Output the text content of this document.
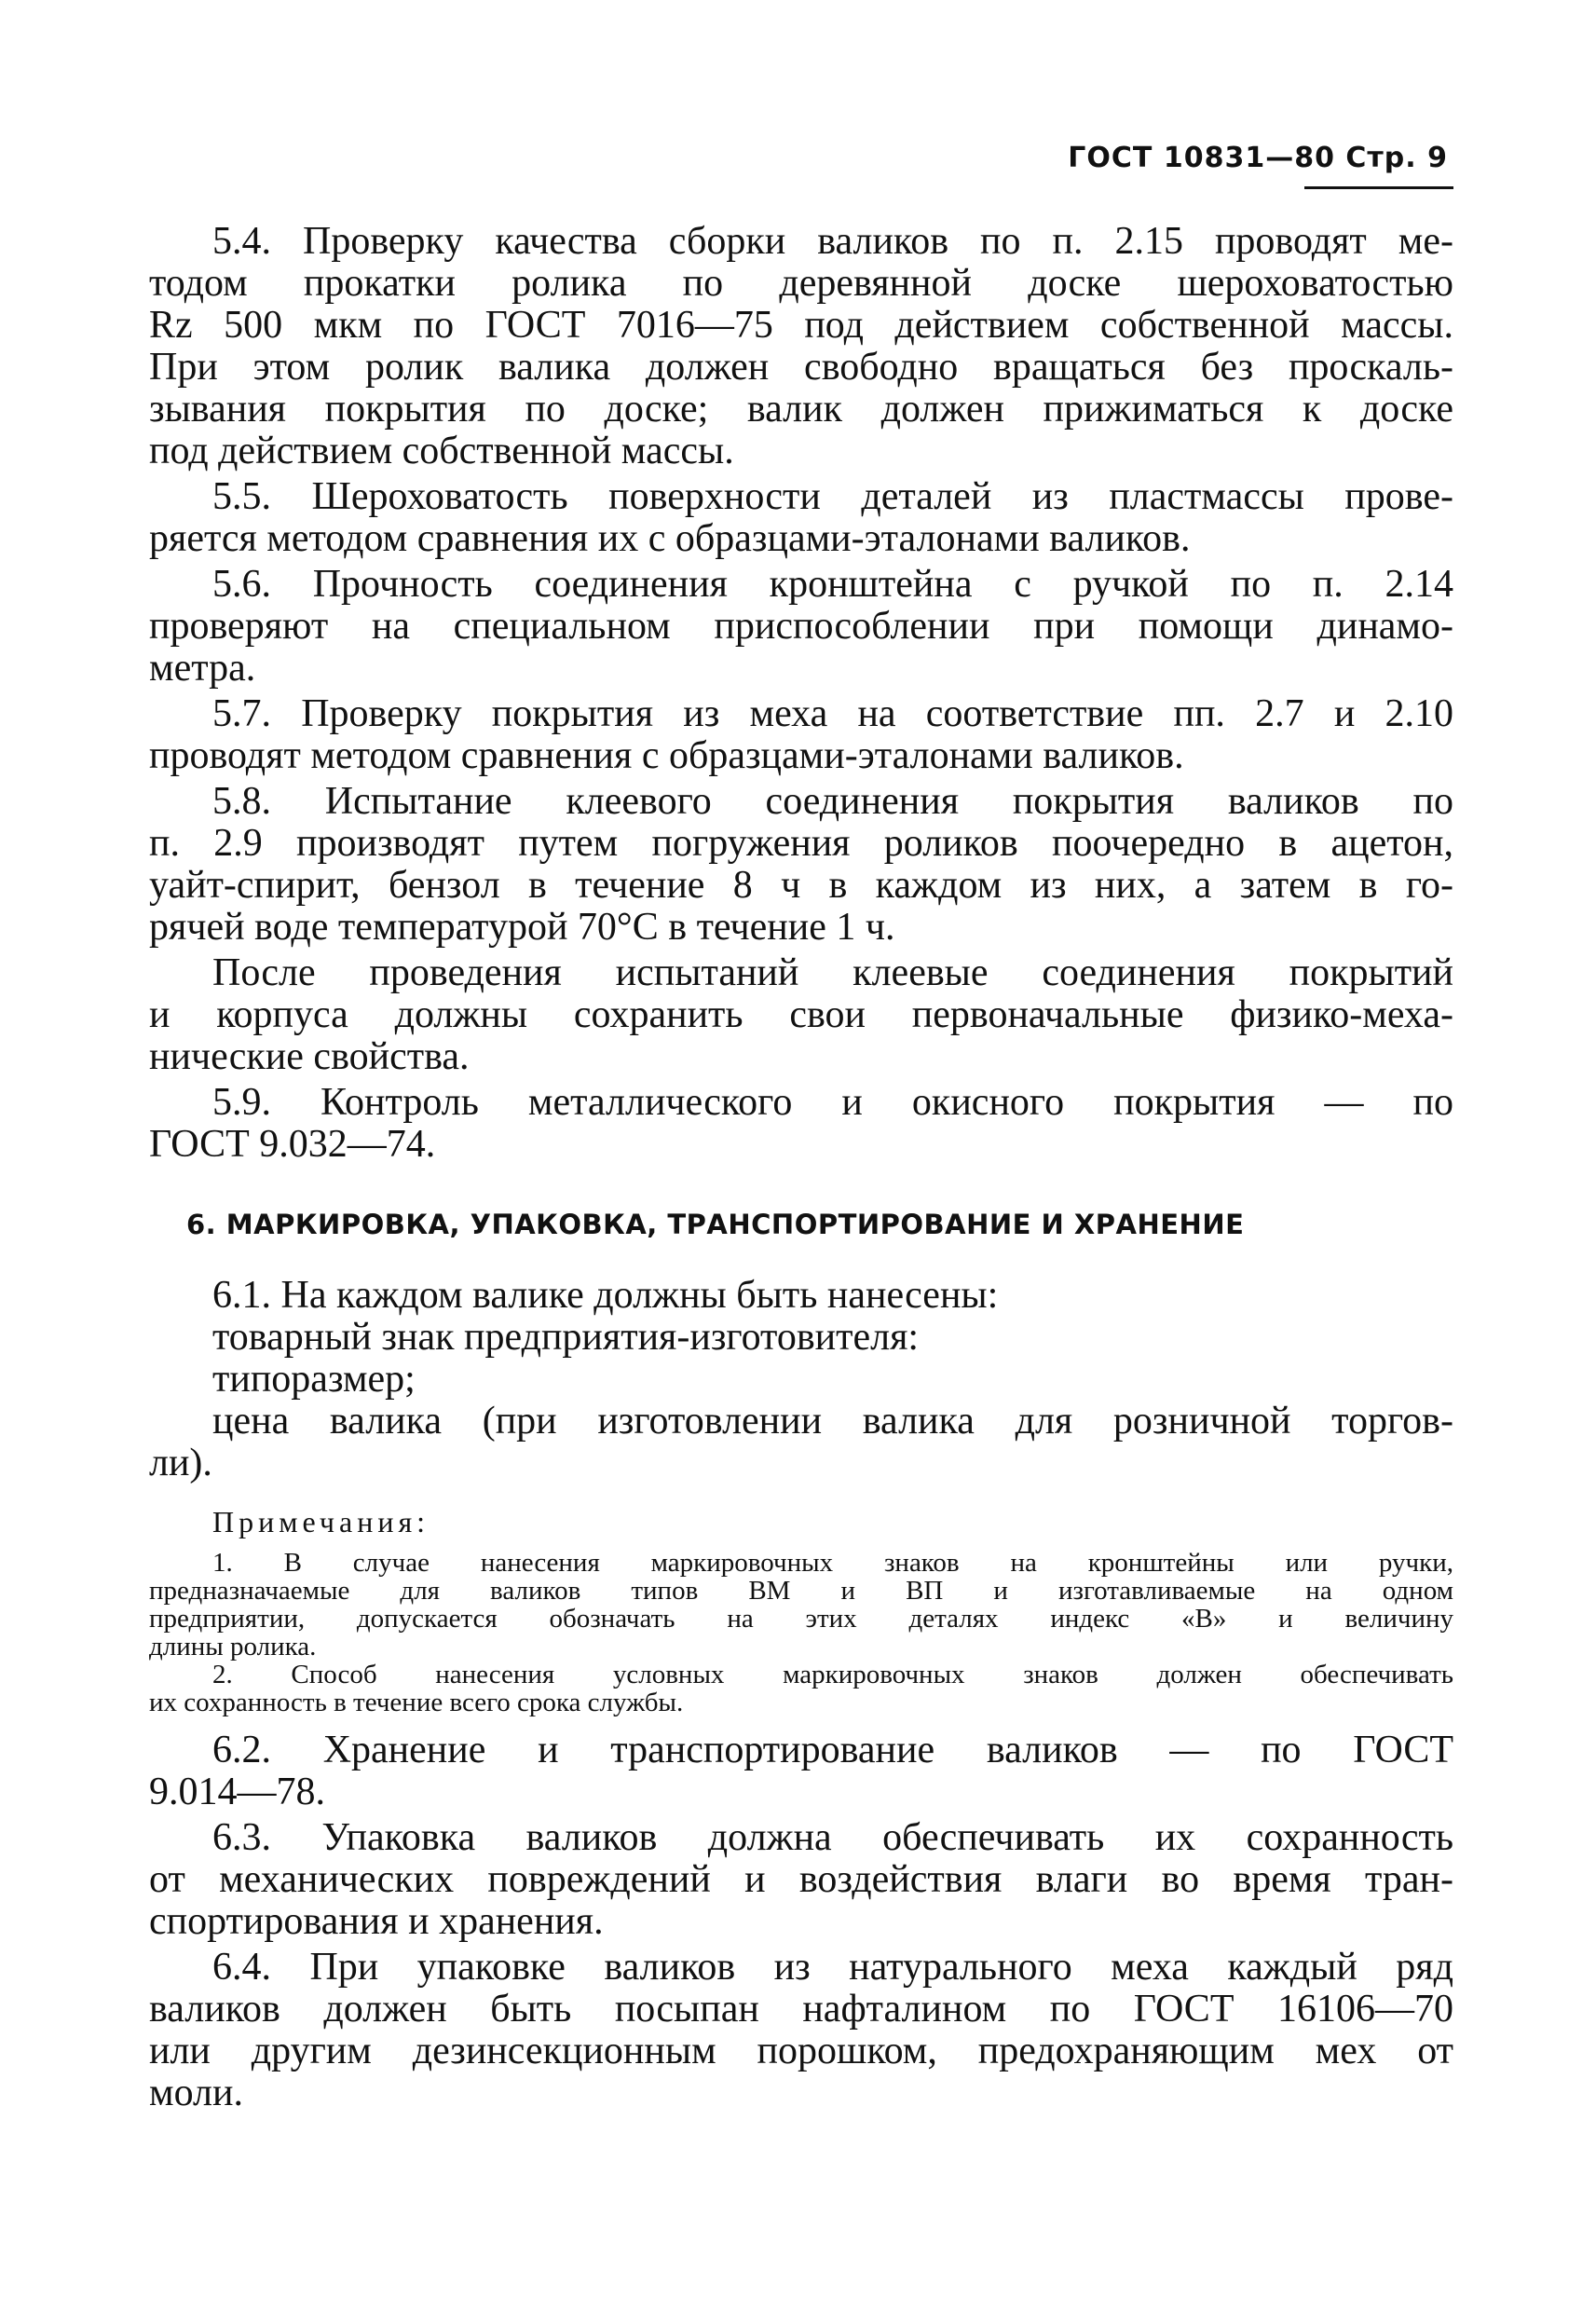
ГОСТ 10831—80 Стр. 9

5.4. Проверку качества сборки валиков по п. 2.15 проводят ме-

тодом прокатки ролика по деревянной доске шероховатостью

Rz 500 мкм по ГОСТ 7016—75 под действием собственной массы.

При этом ролик валика должен свободно вращаться без проскаль-

зывания покрытия по доске; валик должен прижиматься к доске

под действием собственной массы.

5.5. Шероховатость поверхности деталей из пластмассы прове-

ряется методом сравнения их с образцами-эталонами валиков.

5.6. Прочность соединения кронштейна с ручкой по п. 2.14

проверяют на специальном приспособлении при помощи динамо-

метра.

5.7. Проверку покрытия из меха на соответствие пп. 2.7 и 2.10

проводят методом сравнения с образцами-эталонами валиков.

5.8. Испытание клеевого соединения покрытия валиков по

п. 2.9 производят путем погружения роликов поочередно в ацетон,

уайт-спирит, бензол в течение 8 ч в каждом из них, а затем в го-

рячей воде температурой 70°С в течение 1 ч.

После проведения испытаний клеевые соединения покрытий

и корпуса должны сохранить свои первоначальные физико-меха-

нические свойства.

5.9. Контроль металлического и окисного покрытия — по

ГОСТ 9.032—74.

6. МАРКИРОВКА, УПАКОВКА, ТРАНСПОРТИРОВАНИЕ И ХРАНЕНИЕ

6.1. На каждом валике должны быть нанесены:

товарный знак предприятия-изготовителя:

типоразмер;

цена валика (при изготовлении валика для розничной торгов-

ли).

Примечания:

1. В случае нанесения маркировочных знаков на кронштейны или ручки,

предназначаемые для валиков типов ВМ и ВП и изготавливаемые на одном

предприятии, допускается обозначать на этих деталях индекс «В» и величину

длины ролика.

2. Способ нанесения условных маркировочных знаков должен обеспечивать

их сохранность в течение всего срока службы.

6.2. Хранение и транспортирование валиков — по ГОСТ

9.014—78.

6.3. Упаковка валиков должна обеспечивать их сохранность

от механических повреждений и воздействия влаги во время тран-

спортирования и хранения.

6.4. При упаковке валиков из натурального меха каждый ряд

валиков должен быть посыпан нафталином по ГОСТ 16106—70

или другим дезинсекционным порошком, предохраняющим мех от

моли.
